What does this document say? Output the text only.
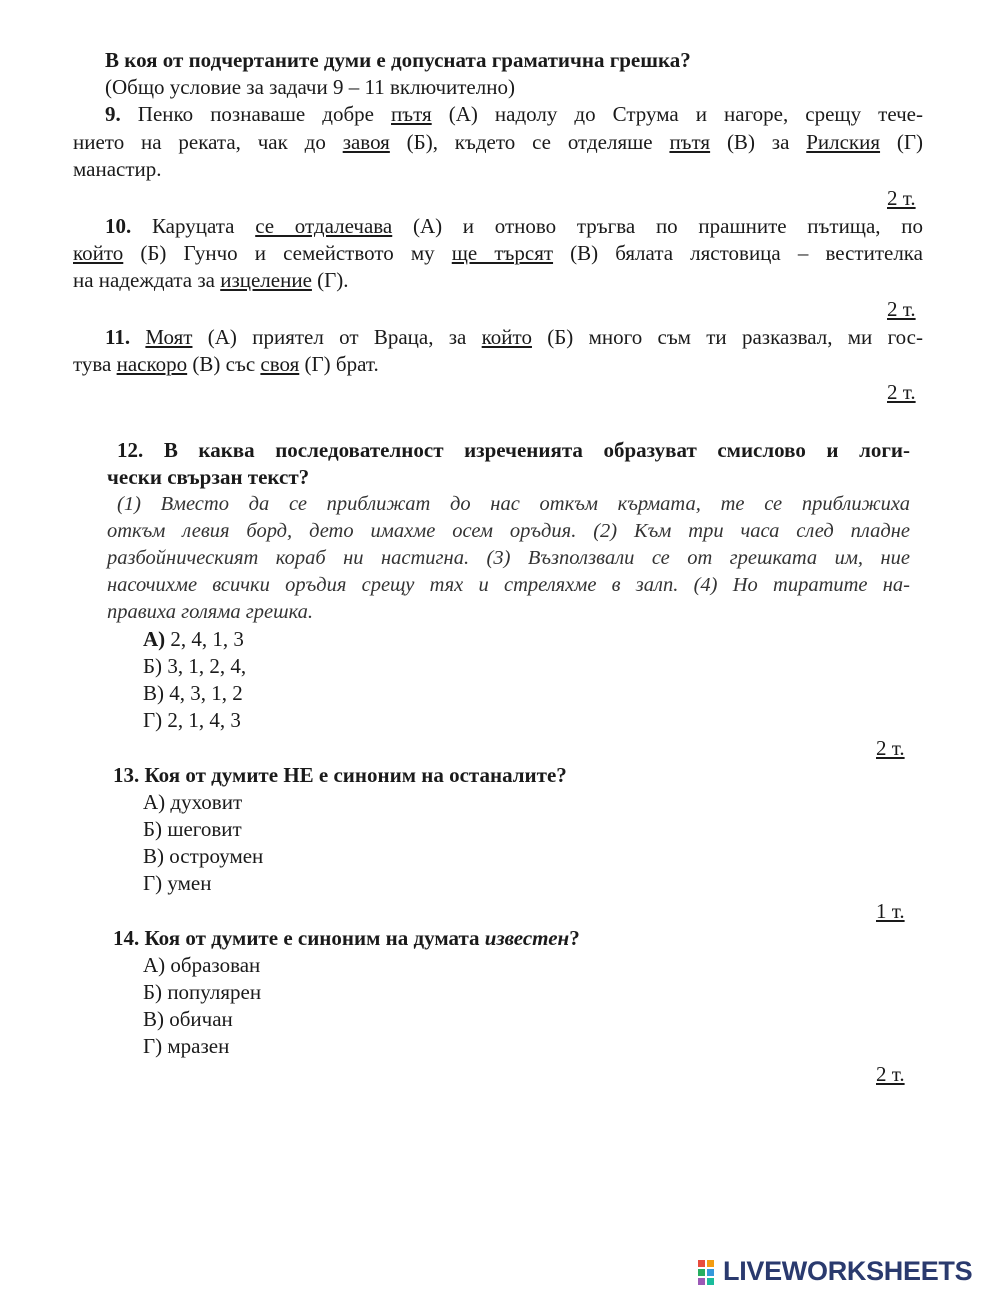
В коя от подчертаните думи е допусната граматична грешка?
(Общо условие за задачи 9 – 11 включително)
9. Пенко познаваше добре пътя (А) надолу до Струма и нагоре, срещу тече-
нието на реката, чак до завоя (Б), където се отделяше пътя (В) за Рилския (Г)
манастир.
2 т.
10. Каруцата се отдалечава (А) и отново тръгва по прашните пътища, по
който (Б) Гунчо и семейството му ще търсят (В) бялата лястовица – вестителка
на надеждата за изцеление (Г).
2 т.
11. Моят (А) приятел от Враца, за който (Б) много съм ти разказвал, ми гос-
тува наскоро (В) със своя (Г) брат.
2 т.
12. В каква последователност изреченията образуват смислово и логи-
чески свързан текст?
(1) Вместо да се приближат до нас откъм кърмата, те се приближиха
откъм левия борд, дето имахме осем оръдия. (2) Към три часа след пладне
разбойническият кораб ни настигна. (3) Възползвали се от грешката им, ние
насочихме всички оръдия срещу тях и стреляхме в залп. (4) Но тиратите на-
правиха голяма грешка.
А) 2, 4, 1, 3
Б) 3, 1, 2, 4,
В) 4, 3, 1, 2
Г) 2, 1, 4, 3
2 т.
13. Коя от думите НЕ е синоним на останалите?
А) духовит
Б) шеговит
В) остроумен
Г) умен
1 т.
14. Коя от думите е синоним на думата известен?
А) образован
Б) популярен
В) обичан
Г) мразен
2 т.
LIVEWORKSHEETS
